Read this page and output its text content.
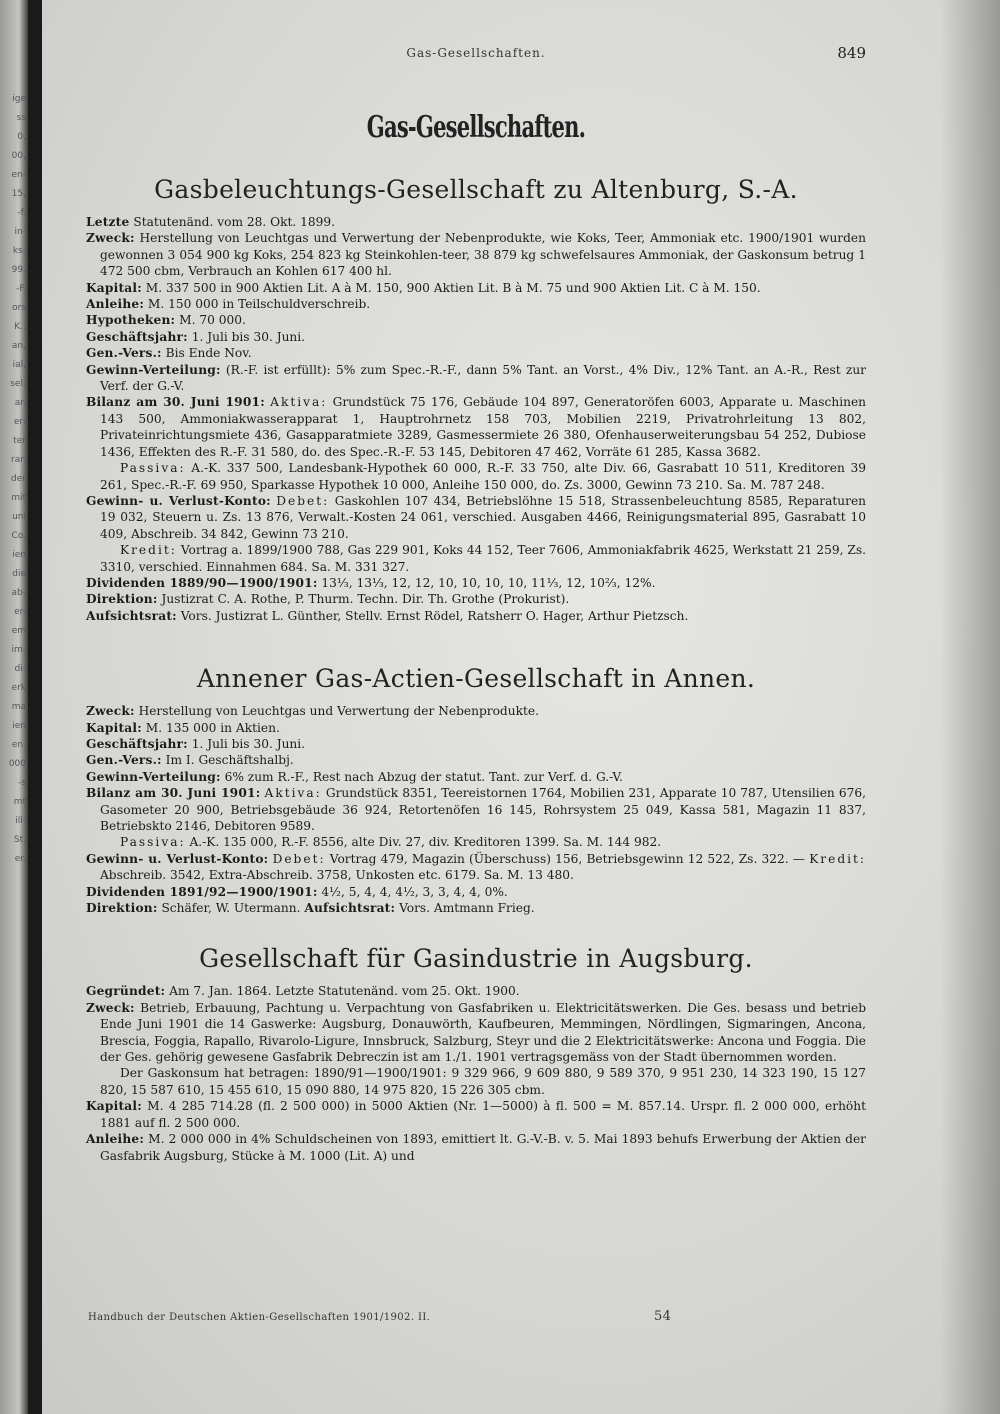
ige
ss
0,
00,
en-
15,
-f.
in-
ks-
99,
-F.
ors
K.:
an,
ial,
sel:
ar.
er:
ter
rar.
der
mit
uni
Co.
ien
die
ab-
er-
em
im-
di-
erk
ma
ien
en.
000
-s
mt
ill-
St.
er.
Gas-Gesellschaften.	849
Gas-Gesellschaften.
Gasbeleuchtungs-Gesellschaft zu Altenburg, S.-A.

Letzte Statutenänd. vom 28. Okt. 1899.

Zweck: Herstellung von Leuchtgas und Verwertung der Nebenprodukte, wie Koks, Teer, Ammoniak etc. 1900/1901 wurden gewonnen 3 054 900 kg Koks, 254 823 kg Steinkohlen-teer, 38 879 kg schwefelsaures Ammoniak, der Gaskonsum betrug 1 472 500 cbm, Verbrauch an Kohlen 617 400 hl.

Kapital: M. 337 500 in 900 Aktien Lit. A à M. 150, 900 Aktien Lit. B à M. 75 und 900 Aktien Lit. C à M. 150.

Anleihe: M. 150 000 in Teilschuldverschreib.

Hypotheken: M. 70 000.

Geschäftsjahr: 1. Juli bis 30. Juni.

Gen.-Vers.: Bis Ende Nov.

Gewinn-Verteilung: (R.-F. ist erfüllt): 5% zum Spec.-R.-F., dann 5% Tant. an Vorst., 4% Div., 12% Tant. an A.-R., Rest zur Verf. der G.-V.

Bilanz am 30. Juni 1901: Aktiva: Grundstück 75 176, Gebäude 104 897, Generatoröfen 6003, Apparate u. Maschinen 143 500, Ammoniakwasserapparat 1, Hauptrohrnetz 158 703, Mobilien 2219, Privatrohrleitung 13 802, Privateinrichtungsmiete 436, Gasapparatmiete 3289, Gasmessermiete 26 380, Ofenhauserweiterungsbau 54 252, Dubiose 1436, Effekten des R.-F. 31 580, do. des Spec.-R.-F. 53 145, Debitoren 47 462, Vorräte 61 285, Kassa 3682.

Passiva: A.-K. 337 500, Landesbank-Hypothek 60 000, R.-F. 33 750, alte Div. 66, Gasrabatt 10 511, Kreditoren 39 261, Spec.-R.-F. 69 950, Sparkasse Hypothek 10 000, Anleihe 150 000, do. Zs. 3000, Gewinn 73 210. Sa. M. 787 248.

Gewinn- u. Verlust-Konto: Debet: Gaskohlen 107 434, Betriebslöhne 15 518, Strassenbeleuchtung 8585, Reparaturen 19 032, Steuern u. Zs. 13 876, Verwalt.-Kosten 24 061, verschied. Ausgaben 4466, Reinigungsmaterial 895, Gasrabatt 10 409, Abschreib. 34 842, Gewinn 73 210.

Kredit: Vortrag a. 1899/1900 788, Gas 229 901, Koks 44 152, Teer 7606, Ammoniakfabrik 4625, Werkstatt 21 259, Zs. 3310, verschied. Einnahmen 684. Sa. M. 331 327.

Dividenden 1889/90—1900/1901: 13⅓, 13⅓, 12, 12, 10, 10, 10, 10, 11⅓, 12, 10⅔, 12%.

Direktion: Justizrat C. A. Rothe, P. Thurm. Techn. Dir. Th. Grothe (Prokurist).

Aufsichtsrat: Vors. Justizrat L. Günther, Stellv. Ernst Rödel, Ratsherr O. Hager, Arthur Pietzsch.

Annener Gas-Actien-Gesellschaft in Annen.

Zweck: Herstellung von Leuchtgas und Verwertung der Nebenprodukte.

Kapital: M. 135 000 in Aktien.

Geschäftsjahr: 1. Juli bis 30. Juni.

Gen.-Vers.: Im I. Geschäftshalbj.

Gewinn-Verteilung: 6% zum R.-F., Rest nach Abzug der statut. Tant. zur Verf. d. G.-V.

Bilanz am 30. Juni 1901: Aktiva: Grundstück 8351, Teereistornen 1764, Mobilien 231, Apparate 10 787, Utensilien 676, Gasometer 20 900, Betriebsgebäude 36 924, Retortenöfen 16 145, Rohrsystem 25 049, Kassa 581, Magazin 11 837, Betriebskto 2146, Debitoren 9589.

Passiva: A.-K. 135 000, R.-F. 8556, alte Div. 27, div. Kreditoren 1399. Sa. M. 144 982.

Gewinn- u. Verlust-Konto: Debet: Vortrag 479, Magazin (Überschuss) 156, Betriebsgewinn 12 522, Zs. 322. — Kredit: Abschreib. 3542, Extra-Abschreib. 3758, Unkosten etc. 6179. Sa. M. 13 480.

Dividenden 1891/92—1900/1901: 4½, 5, 4, 4, 4½, 3, 3, 4, 4, 0%.

Direktion: Schäfer, W. Utermann. Aufsichtsrat: Vors. Amtmann Frieg.

Gesellschaft für Gasindustrie in Augsburg.

Gegründet: Am 7. Jan. 1864. Letzte Statutenänd. vom 25. Okt. 1900.

Zweck: Betrieb, Erbauung, Pachtung u. Verpachtung von Gasfabriken u. Elektricitätswerken. Die Ges. besass und betrieb Ende Juni 1901 die 14 Gaswerke: Augsburg, Donauwörth, Kaufbeuren, Memmingen, Nördlingen, Sigmaringen, Ancona, Brescia, Foggia, Rapallo, Rivarolo-Ligure, Innsbruck, Salzburg, Steyr und die 2 Elektricitätswerke: Ancona und Foggia. Die der Ges. gehörig gewesene Gasfabrik Debreczin ist am 1./1. 1901 vertragsgemäss von der Stadt übernommen worden.

Der Gaskonsum hat betragen: 1890/91—1900/1901: 9 329 966, 9 609 880, 9 589 370, 9 951 230, 14 323 190, 15 127 820, 15 587 610, 15 455 610, 15 090 880, 14 975 820, 15 226 305 cbm.

Kapital: M. 4 285 714.28 (fl. 2 500 000) in 5000 Aktien (Nr. 1—5000) à fl. 500 = M. 857.14. Urspr. fl. 2 000 000, erhöht 1881 auf fl. 2 500 000.

Anleihe: M. 2 000 000 in 4% Schuldscheinen von 1893, emittiert lt. G.-V.-B. v. 5. Mai 1893 behufs Erwerbung der Aktien der Gasfabrik Augsburg, Stücke à M. 1000 (Lit. A) und

Handbuch der Deutschen Aktien-Gesellschaften 1901/1902. II.	54
